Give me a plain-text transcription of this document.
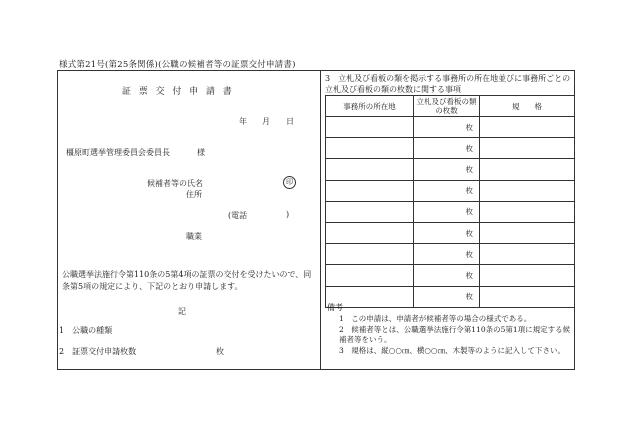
様式第21号(第25条関係)(公職の候補者等の証票交付申請書)
証票交付申請書
年 月 日
橿原町選挙管理委員会委員長	様
候補者等の氏名	印
住所
(電話	)
職業
公職選挙法施行令第110条の5第4項の証票の交付を受けたいので、同条第5項の規定により、下記のとおり申請します。
記
1　公職の種類
2　証票交付申請枚数	枚
3　立札及び看板の類を掲示する事務所の所在地並びに事務所ごとの立札及び看板の類の枚数に関する事項
事務所の所在地	立札及び看板の類の枚数	規　　格
	枚	
	枚	
	枚	
	枚	
	枚	
	枚	
	枚	
	枚	
	枚	
備考

1　この申請は、申請者が候補者等の場合の様式である。

2　候補者等とは、公職選挙法施行令第110条の5第1項に規定する候補者等をいう。

3　規格は、縦○○㎝、横○○㎝、木製等のように記入して下さい。
